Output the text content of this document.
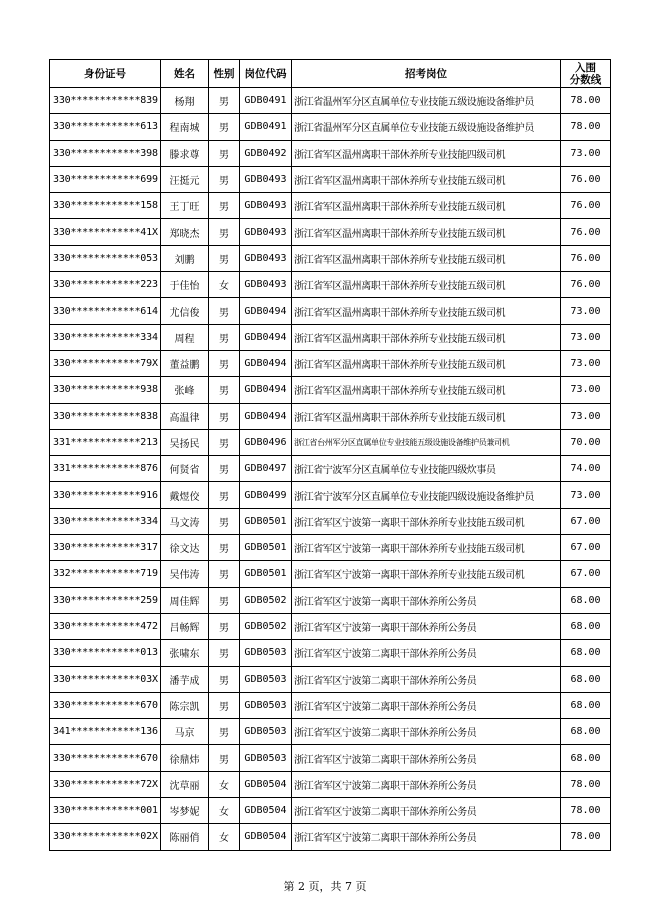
身份证号	姓名	性别	岗位代码	招考岗位	入围
分数线

330************839	杨翔	男	GDB0491	浙江省温州军分区直属单位专业技能五级设施设备维护员	78.00
330************613	程南城	男	GDB0491	浙江省温州军分区直属单位专业技能五级设施设备维护员	78.00
330************398	滕求尊	男	GDB0492	浙江省军区温州离职干部休养所专业技能四级司机	73.00
330************699	汪挺元	男	GDB0493	浙江省军区温州离职干部休养所专业技能五级司机	76.00
330************158	王丁旺	男	GDB0493	浙江省军区温州离职干部休养所专业技能五级司机	76.00
330************41X	郑晓杰	男	GDB0493	浙江省军区温州离职干部休养所专业技能五级司机	76.00
330************053	刘鹏	男	GDB0493	浙江省军区温州离职干部休养所专业技能五级司机	76.00
330************223	于佳怡	女	GDB0493	浙江省军区温州离职干部休养所专业技能五级司机	76.00
330************614	尤信俊	男	GDB0494	浙江省军区温州离职干部休养所专业技能五级司机	73.00
330************334	周程	男	GDB0494	浙江省军区温州离职干部休养所专业技能五级司机	73.00
330************79X	董益鹏	男	GDB0494	浙江省军区温州离职干部休养所专业技能五级司机	73.00
330************938	张峰	男	GDB0494	浙江省军区温州离职干部休养所专业技能五级司机	73.00
330************838	高温律	男	GDB0494	浙江省军区温州离职干部休养所专业技能五级司机	73.00
331************213	吴扬民	男	GDB0496	浙江省台州军分区直属单位专业技能五级设施设备维护员兼司机	70.00
331************876	何贤省	男	GDB0497	浙江省宁波军分区直属单位专业技能四级炊事员	74.00
330************916	戴煜佼	男	GDB0499	浙江省宁波军分区直属单位专业技能四级设施设备维护员	73.00
330************334	马文涛	男	GDB0501	浙江省军区宁波第一离职干部休养所专业技能五级司机	67.00
330************317	徐文达	男	GDB0501	浙江省军区宁波第一离职干部休养所专业技能五级司机	67.00
332************719	吴伟涛	男	GDB0501	浙江省军区宁波第一离职干部休养所专业技能五级司机	67.00
330************259	周佳辉	男	GDB0502	浙江省军区宁波第一离职干部休养所公务员	68.00
330************472	吕畅辉	男	GDB0502	浙江省军区宁波第一离职干部休养所公务员	68.00
330************013	张啸东	男	GDB0503	浙江省军区宁波第二离职干部休养所公务员	68.00
330************03X	潘芋成	男	GDB0503	浙江省军区宁波第二离职干部休养所公务员	68.00
330************670	陈宗凯	男	GDB0503	浙江省军区宁波第二离职干部休养所公务员	68.00
341************136	马京	男	GDB0503	浙江省军区宁波第二离职干部休养所公务员	68.00
330************670	徐鼎炜	男	GDB0503	浙江省军区宁波第二离职干部休养所公务员	68.00
330************72X	沈草丽	女	GDB0504	浙江省军区宁波第二离职干部休养所公务员	78.00
330************001	岑梦妮	女	GDB0504	浙江省军区宁波第二离职干部休养所公务员	78.00
330************02X	陈丽俏	女	GDB0504	浙江省军区宁波第二离职干部休养所公务员	78.00
第 2 页，共 7 页
